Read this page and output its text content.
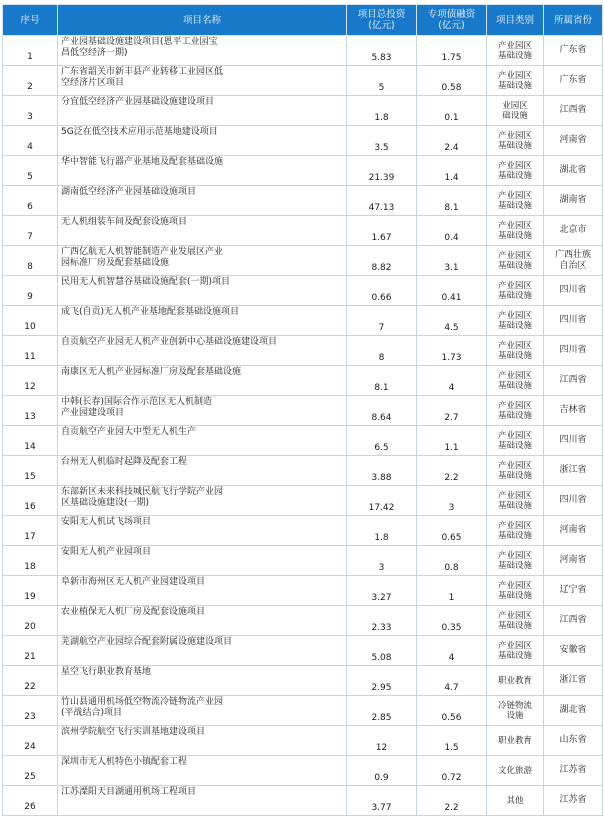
序号	项目名称	项目总投资
(亿元)	专项债融资
(亿元)	项目类别	所属省份
1	产业园基础设施建设项目(恩平工业园宝
昌低空经济一期)	5.83	1.75	产业园区
基础设施	广东省
2	广东省韶关市新丰县产业转移工业园区低
空经济片区项目	5	0.58	产业园区
基础设施	广东省
3	分宜低空经济产业园基础设施建设项目	1.8	0.1	业园区
础设施	江西省
4	5G泛在低空技术应用示范基地建设项目	3.5	2.4	产业园区
基础设施	河南省
5	华中智能飞行器产业基地及配套基础设施	21.39	1.4	产业园区
基础设施	湖北省
6	湖南低空经济产业园基础设施项目	47.13	8.1	产业园区
基础设施	湖南省
7	无人机组装车间及配套设施项目	1.67	0.4	产业园区
基础设施	北京市
8	广西亿航无人机智能制造产业发展区产业
园标准厂房及配套基础设施	8.82	3.1	产业园区
基础设施	广西壮族
自治区
9	民用无人机智慧谷基础设施配套(一期)项目	0.66	0.41	产业园区
基础设施	四川省
10	成飞(自贡)无人机产业基地配套基础设施项目	7	4.5	产业园区
基础设施	四川省
11	自贡航空产业园无人机产业创新中心基础设施建设项目	8	1.73	产业园区
基础设施	四川省
12	南康区无人机产业园标准厂房及配套基础设施	8.1	4	产业园区
基础设施	江西省
13	中韩(长春)国际合作示范区无人机制造
产业园建设项目	8.64	2.7	产业园区
基础设施	吉林省
14	自贡航空产业园大中型无人机生产	6.5	1.1	产业园区
基础设施	四川省
15	台州无人机临时起降及配套工程	3.88	2.2	产业园区
基础设施	浙江省
16	东部新区未来科技城民航飞行学院产业园
区基础设施建设(一期)	17.42	3	产业园区
基础设施	四川省
17	安阳无人机试飞场项目	1.8	0.65	产业园区
基础设施	河南省
18	安阳无人机产业园项目	3	0.8	产业园区
基础设施	河南省
19	阜新市海州区无人机产业园建设项目	3.27	1	产业园区
基础设施	辽宁省
20	农业植保无人机厂房及配套设施项目	2.33	0.35	产业园区
基础设施	江西省
21	芜湖航空产业园综合配套附属设施建设项目	5.08	4	产业园区
基础设施	安徽省
22	星空飞行职业教育基地	2.95	4.7	职业教育	浙江省
23	竹山县通用机场低空物流冷链物流产业园
(平战结合)项目	2.85	0.56	冷链物流
设施	湖北省
24	滨州学院航空飞行实训基地建设项目	12	1.5	职业教育	山东省
25	深圳市无人机特色小镇配套工程	0.9	0.72	文化旅游	江苏省
26	江苏溧阳天目湖通用机场工程项目	3.77	2.2	其他	江苏省
